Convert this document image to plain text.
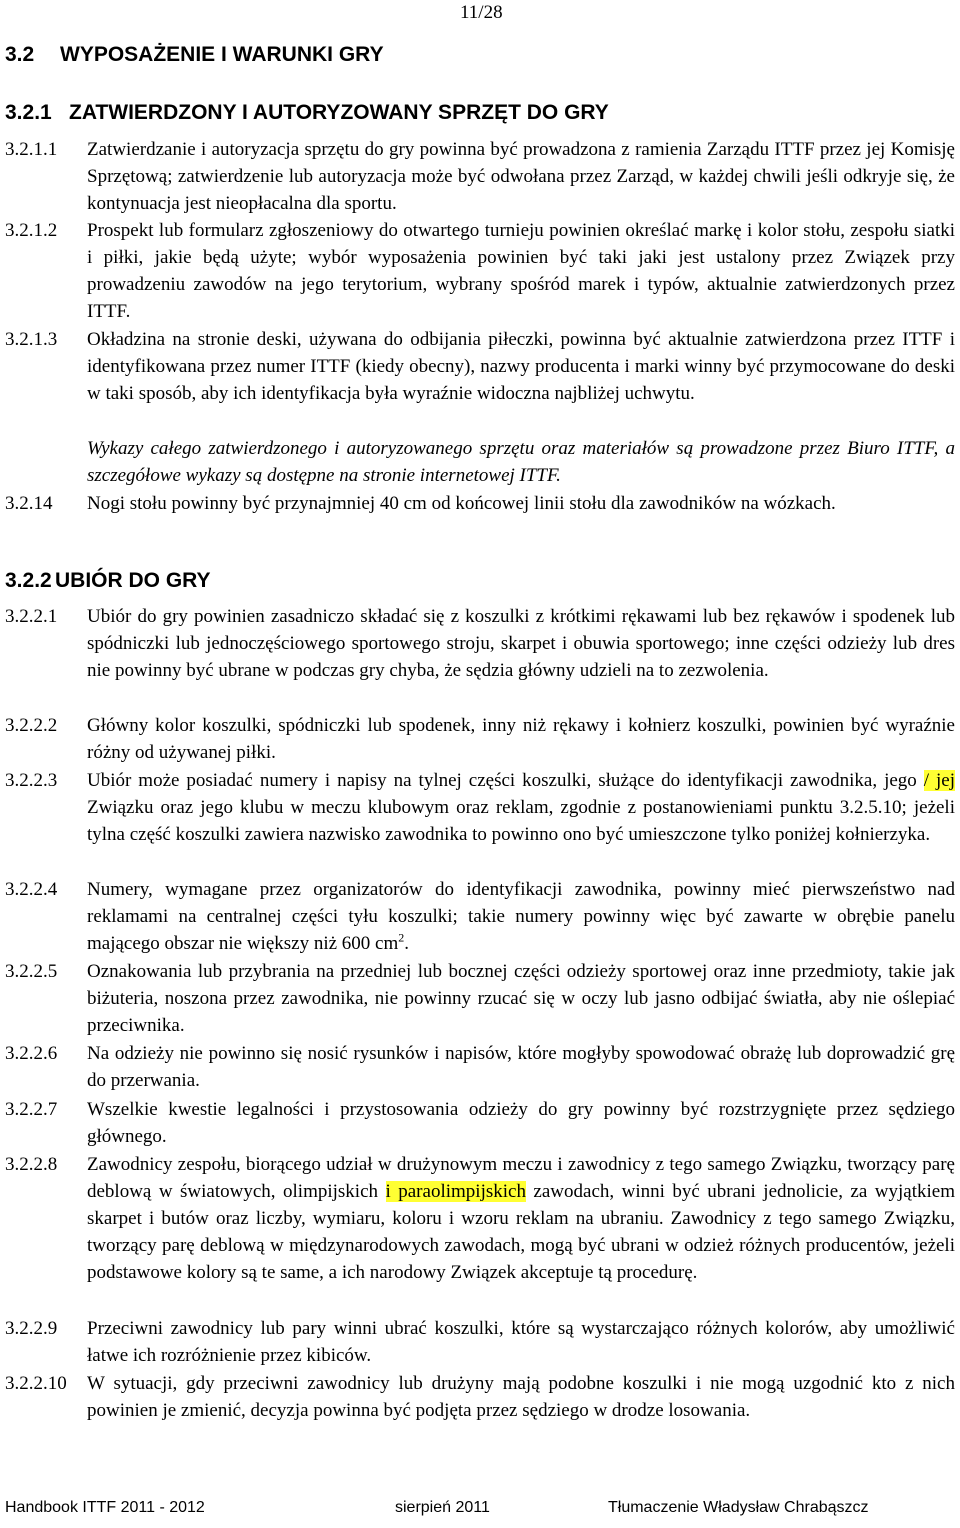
11/28
3.2 WYPOSAŻENIE I WARUNKI GRY
3.2.1 ZATWIERDZONY I AUTORYZOWANY SPRZĘT DO GRY
3.2.1.1	Zatwierdzanie i autoryzacja sprzętu do gry powinna być prowadzona z ramienia Zarządu ITTF przez jej Komisję Sprzętową; zatwierdzenie lub autoryzacja może być odwołana przez Zarząd, w każdej chwili jeśli odkryje się, że kontynuacja jest nieopłacalna dla sportu.
3.2.1.2	Prospekt lub formularz zgłoszeniowy do otwartego turnieju powinien określać markę i kolor stołu, zespołu siatki i piłki, jakie będą użyte; wybór wyposażenia powinien być taki jaki jest ustalony przez Związek przy prowadzeniu zawodów na jego terytorium, wybrany spośród marek i typów, aktualnie zatwierdzonych przez ITTF.
3.2.1.3	Okładzina na stronie deski, używana do odbijania piłeczki, powinna być aktualnie zatwierdzona przez ITTF i identyfikowana przez numer ITTF (kiedy obecny), nazwy producenta i marki winny być przymocowane do deski w taki sposób, aby ich identyfikacja była wyraźnie widoczna najbliżej uchwytu.
Wykazy całego zatwierdzonego i autoryzowanego sprzętu oraz materiałów są prowadzone przez Biuro ITTF, a szczegółowe wykazy są dostępne na stronie internetowej ITTF.
3.2.14	Nogi stołu powinny być przynajmniej 40 cm od końcowej linii stołu dla zawodników na wózkach.
3.2.2 UBIÓR DO GRY
3.2.2.1	Ubiór do gry powinien zasadniczo składać się z koszulki z krótkimi rękawami lub bez rękawów i spodenek lub spódniczki lub jednoczęściowego sportowego stroju, skarpet i obuwia sportowego; inne części odzieży lub dres nie powinny być ubrane w podczas gry chyba, że sędzia główny udzieli na to zezwolenia.
3.2.2.2	Główny kolor koszulki, spódniczki lub spodenek, inny niż rękawy i kołnierz koszulki, powinien być wyraźnie różny od używanej piłki.
3.2.2.3	Ubiór może posiadać numery i napisy na tylnej części koszulki, służące do identyfikacji zawodnika, jego / jej Związku oraz jego klubu w meczu klubowym oraz reklam, zgodnie z postanowieniami punktu 3.2.5.10; jeżeli tylna część koszulki zawiera nazwisko zawodnika to powinno ono być umieszczone tylko poniżej kołnierzyka.
3.2.2.4	Numery, wymagane przez organizatorów do identyfikacji zawodnika, powinny mieć pierwszeństwo nad reklamami na centralnej części tyłu koszulki; takie numery powinny więc być zawarte w obrębie panelu mającego obszar nie większy niż 600 $cm^2$.
3.2.2.5	Oznakowania lub przybrania na przedniej lub bocznej części odzieży sportowej oraz inne przedmioty, takie jak biżuteria, noszona przez zawodnika, nie powinny rzucać się w oczy lub jasno odbijać światła, aby nie oślepiać przeciwnika.
3.2.2.6	Na odzieży nie powinno się nosić rysunków i napisów, które mogłyby spowodować obrażę lub doprowadzić grę do przerwania.
3.2.2.7	Wszelkie kwestie legalności i przystosowania odzieży do gry powinny być rozstrzygnięte przez sędziego głównego.
3.2.2.8	Zawodnicy zespołu, biorącego udział w drużynowym meczu i zawodnicy z tego samego Związku, tworzący parę deblową w światowych, olimpijskich i paraolimpijskich zawodach, winni być ubrani jednolicie, za wyjątkiem skarpet i butów oraz liczby, wymiaru, koloru i wzoru reklam na ubraniu. Zawodnicy z tego samego Związku, tworzący parę deblową w międzynarodowych zawodach, mogą być ubrani w odzież różnych producentów, jeżeli podstawowe kolory są te same, a ich narodowy Związek akceptuje tą procedurę.
3.2.2.9	Przeciwni zawodnicy lub pary winni ubrać koszulki, które są wystarczająco różnych kolorów, aby umożliwić łatwe ich rozróżnienie przez kibiców.
3.2.2.10	W sytuacji, gdy przeciwni zawodnicy lub drużyny mają podobne koszulki i nie mogą uzgodnić kto z nich powinien je zmienić, decyzja powinna być podjęta przez sędziego w drodze losowania.
Handbook ITTF 2011 - 2012	sierpień 2011	Tłumaczenie Władysław Chrabąszcz
